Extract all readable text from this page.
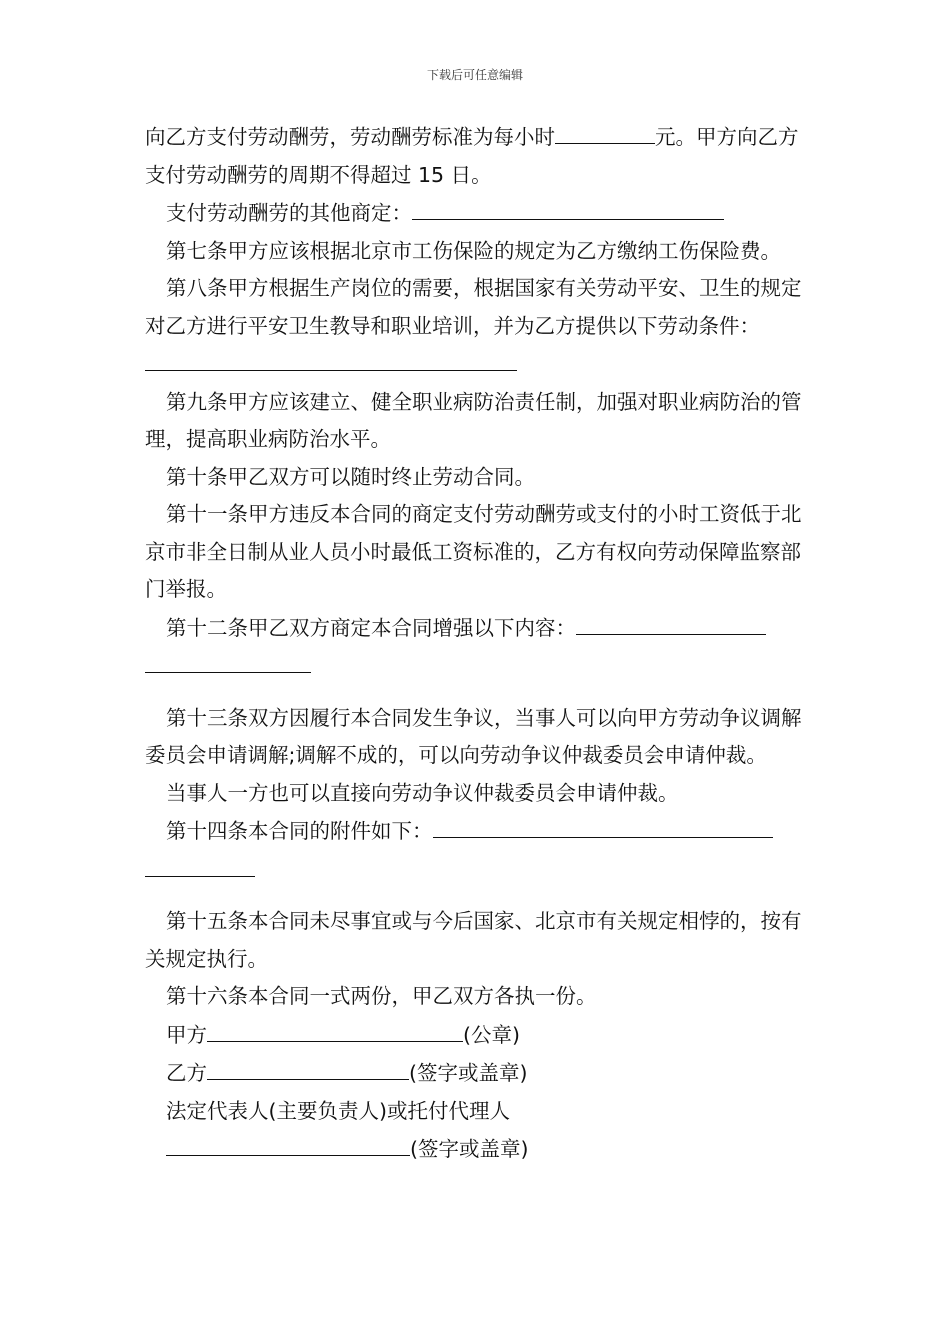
下载后可任意编辑

向乙方支付劳动酬劳，劳动酬劳标准为每小时	元。甲方向乙方支付劳动酬劳的周期不得超过 15 日。

支付劳动酬劳的其他商定：

第七条甲方应该根据北京市工伤保险的规定为乙方缴纳工伤保险费。

第八条甲方根据生产岗位的需要，根据国家有关劳动平安、卫生的规定对乙方进行平安卫生教导和职业培训，并为乙方提供以下劳动条件：

第九条甲方应该建立、健全职业病防治责任制，加强对职业病防治的管理，提高职业病防治水平。

第十条甲乙双方可以随时终止劳动合同。

第十一条甲方违反本合同的商定支付劳动酬劳或支付的小时工资低于北京市非全日制从业人员小时最低工资标准的，乙方有权向劳动保障监察部门举报。

第十二条甲乙双方商定本合同增强以下内容：

第十三条双方因履行本合同发生争议，当事人可以向甲方劳动争议调解委员会申请调解;调解不成的，可以向劳动争议仲裁委员会申请仲裁。

当事人一方也可以直接向劳动争议仲裁委员会申请仲裁。

第十四条本合同的附件如下：

第十五条本合同未尽事宜或与今后国家、北京市有关规定相悖的，按有关规定执行。

第十六条本合同一式两份，甲乙双方各执一份。

甲方	(公章)

乙方	(签字或盖章)

法定代表人(主要负责人)或托付代理人

(签字或盖章)
